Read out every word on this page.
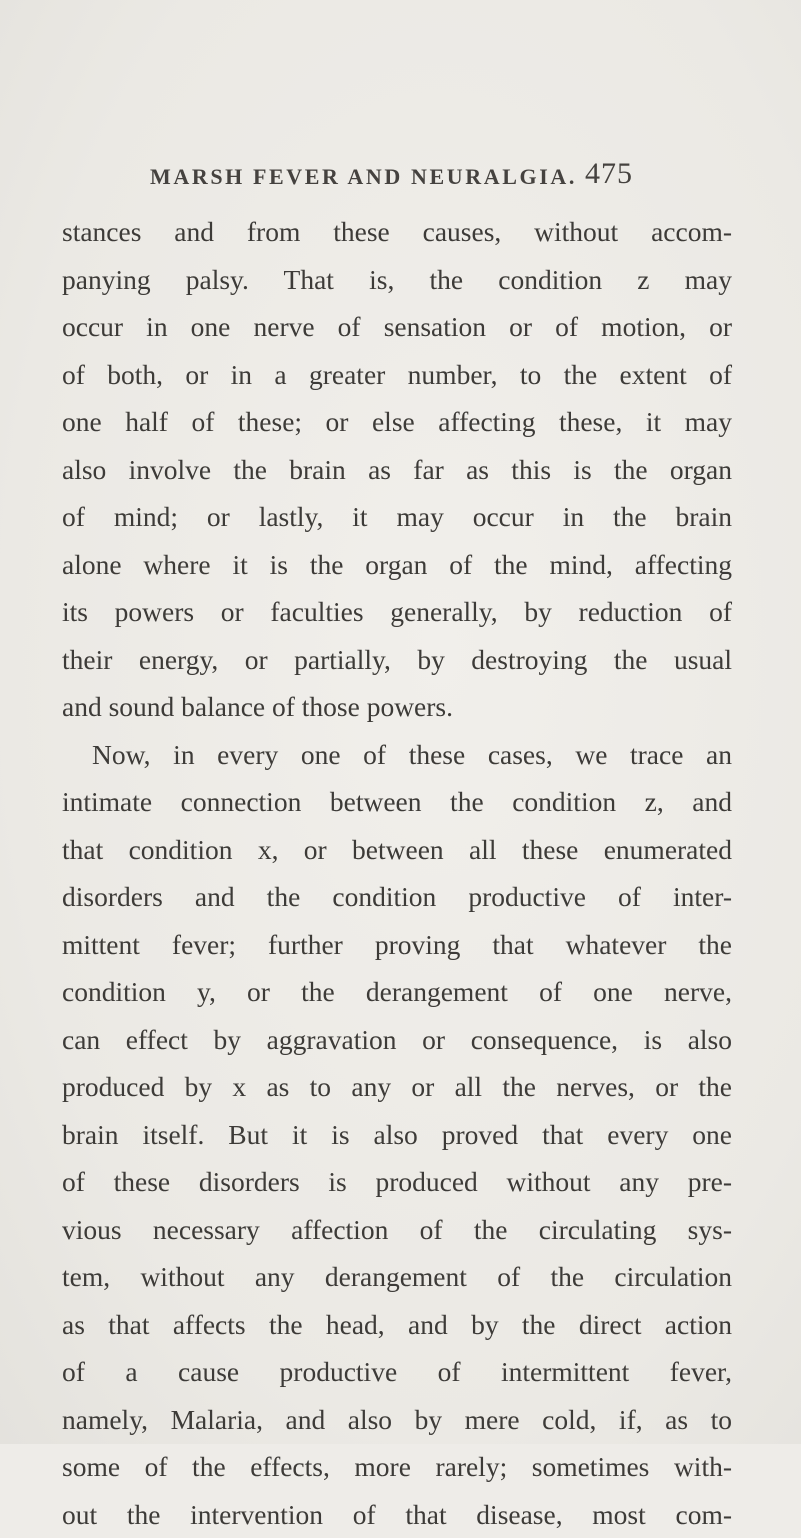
MARSH FEVER AND NEURALGIA. 475
stances and from these causes, without accom-
panying palsy. That is, the condition z may
occur in one nerve of sensation or of motion, or
of both, or in a greater number, to the extent of
one half of these; or else affecting these, it may
also involve the brain as far as this is the organ
of mind; or lastly, it may occur in the brain
alone where it is the organ of the mind, affecting
its powers or faculties generally, by reduction of
their energy, or partially, by destroying the usual
and sound balance of those powers.
Now, in every one of these cases, we trace an
intimate connection between the condition z, and
that condition x, or between all these enumerated
disorders and the condition productive of inter-
mittent fever; further proving that whatever the
condition y, or the derangement of one nerve,
can effect by aggravation or consequence, is also
produced by x as to any or all the nerves, or the
brain itself. But it is also proved that every one
of these disorders is produced without any pre-
vious necessary affection of the circulating sys-
tem, without any derangement of the circulation
as that affects the head, and by the direct action
of a cause productive of intermittent fever,
namely, Malaria, and also by mere cold, if, as to
some of the effects, more rarely; sometimes with-
out the intervention of that disease, most com-
